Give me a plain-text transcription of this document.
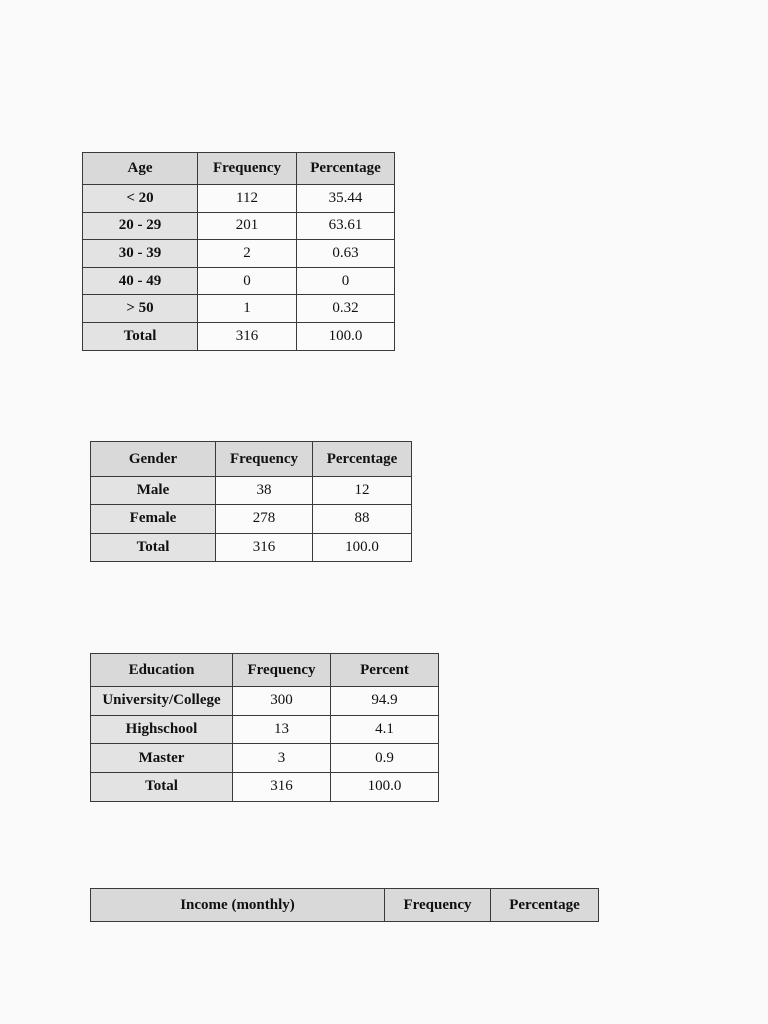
Age	Frequency	Percentage
< 20	112	35.44
20 - 29	201	63.61
30 - 39	2	0.63
40 - 49	0	0
> 50	1	0.32
Total	316	100.0
Gender	Frequency	Percentage
Male	38	12
Female	278	88
Total	316	100.0
Education	Frequency	Percent
University/College	300	94.9
Highschool	13	4.1
Master	3	0.9
Total	316	100.0
Income (monthly)	Frequency	Percentage
